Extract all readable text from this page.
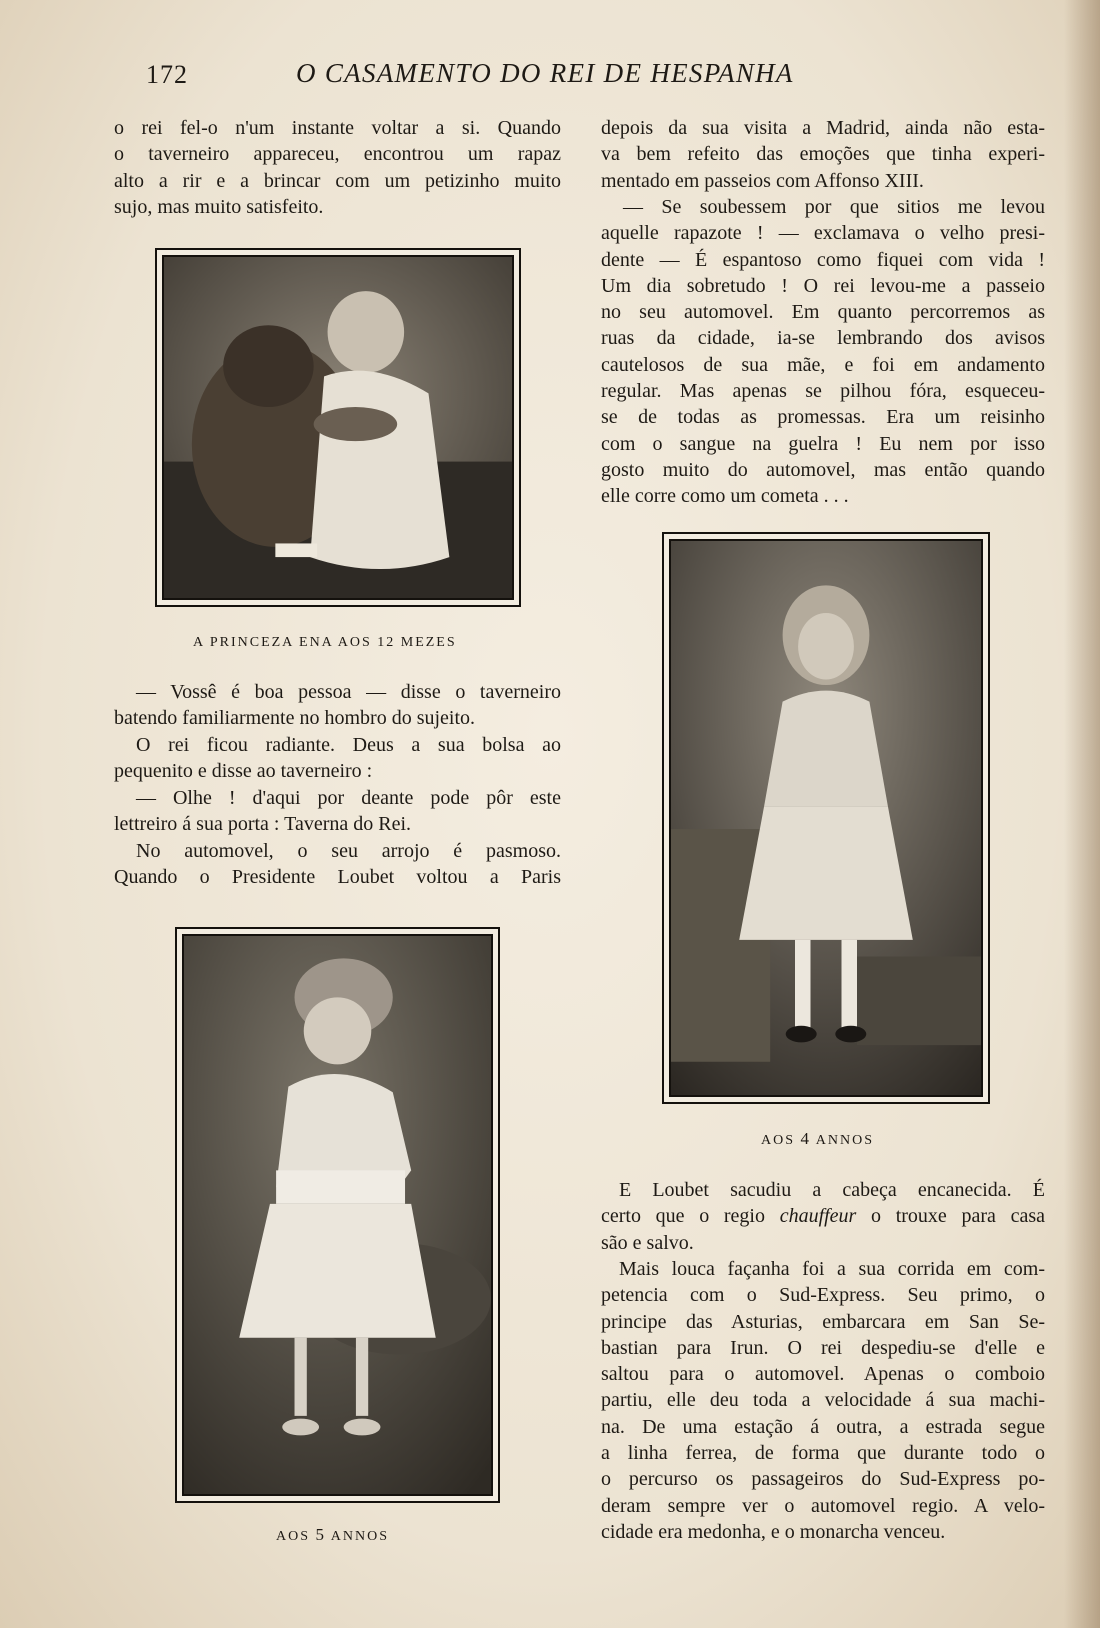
172	O CASAMENTO DO REI DE HESPANHA

o rei fel-o n'um instante voltar a si. Quando
o taverneiro appareceu, encontrou um rapaz
alto a rir e a brincar com um petizinho muito
sujo, mas muito satisfeito.

A PRINCEZA ENA AOS 12 MEZES

— Vossê é boa pessoa — disse o taverneiro
batendo familiarmente no hombro do sujeito.

O rei ficou radiante. Deus a sua bolsa ao
pequenito e disse ao taverneiro :

— Olhe ! d'aqui por deante pode pôr este
lettreiro á sua porta : Taverna do Rei.

No automovel, o seu arrojo é pasmoso.
Quando o Presidente Loubet voltou a Paris

AOS 5 ANNOS

depois da sua visita a Madrid, ainda não esta-
va bem refeito das emoções que tinha experi-
mentado em passeios com Affonso XIII.

— Se soubessem por que sitios me levou
aquelle rapazote ! — exclamava o velho presi-
dente — É espantoso como fiquei com vida !
Um dia sobretudo ! O rei levou-me a passeio
no seu automovel. Em quanto percorremos as
ruas da cidade, ia-se lembrando dos avisos
cautelosos de sua mãe, e foi em andamento
regular. Mas apenas se pilhou fóra, esqueceu-
se de todas as promessas. Era um reisinho
com o sangue na guelra ! Eu nem por isso
gosto muito do automovel, mas então quando
elle corre como um cometa . . .

AOS 4 ANNOS

E Loubet sacudiu a cabeça encanecida. É
certo que o regio chauffeur o trouxe para casa
são e salvo.

Mais louca façanha foi a sua corrida em com-
petencia com o Sud-Express. Seu primo, o
principe das Asturias, embarcara em San Se-
bastian para Irun. O rei despediu-se d'elle e
saltou para o automovel. Apenas o comboio
partiu, elle deu toda a velocidade á sua machi-
na. De uma estação á outra, a estrada segue
a linha ferrea, de forma que durante todo o
o percurso os passageiros do Sud-Express po-
deram sempre ver o automovel regio. A velo-
cidade era medonha, e o monarcha venceu.
